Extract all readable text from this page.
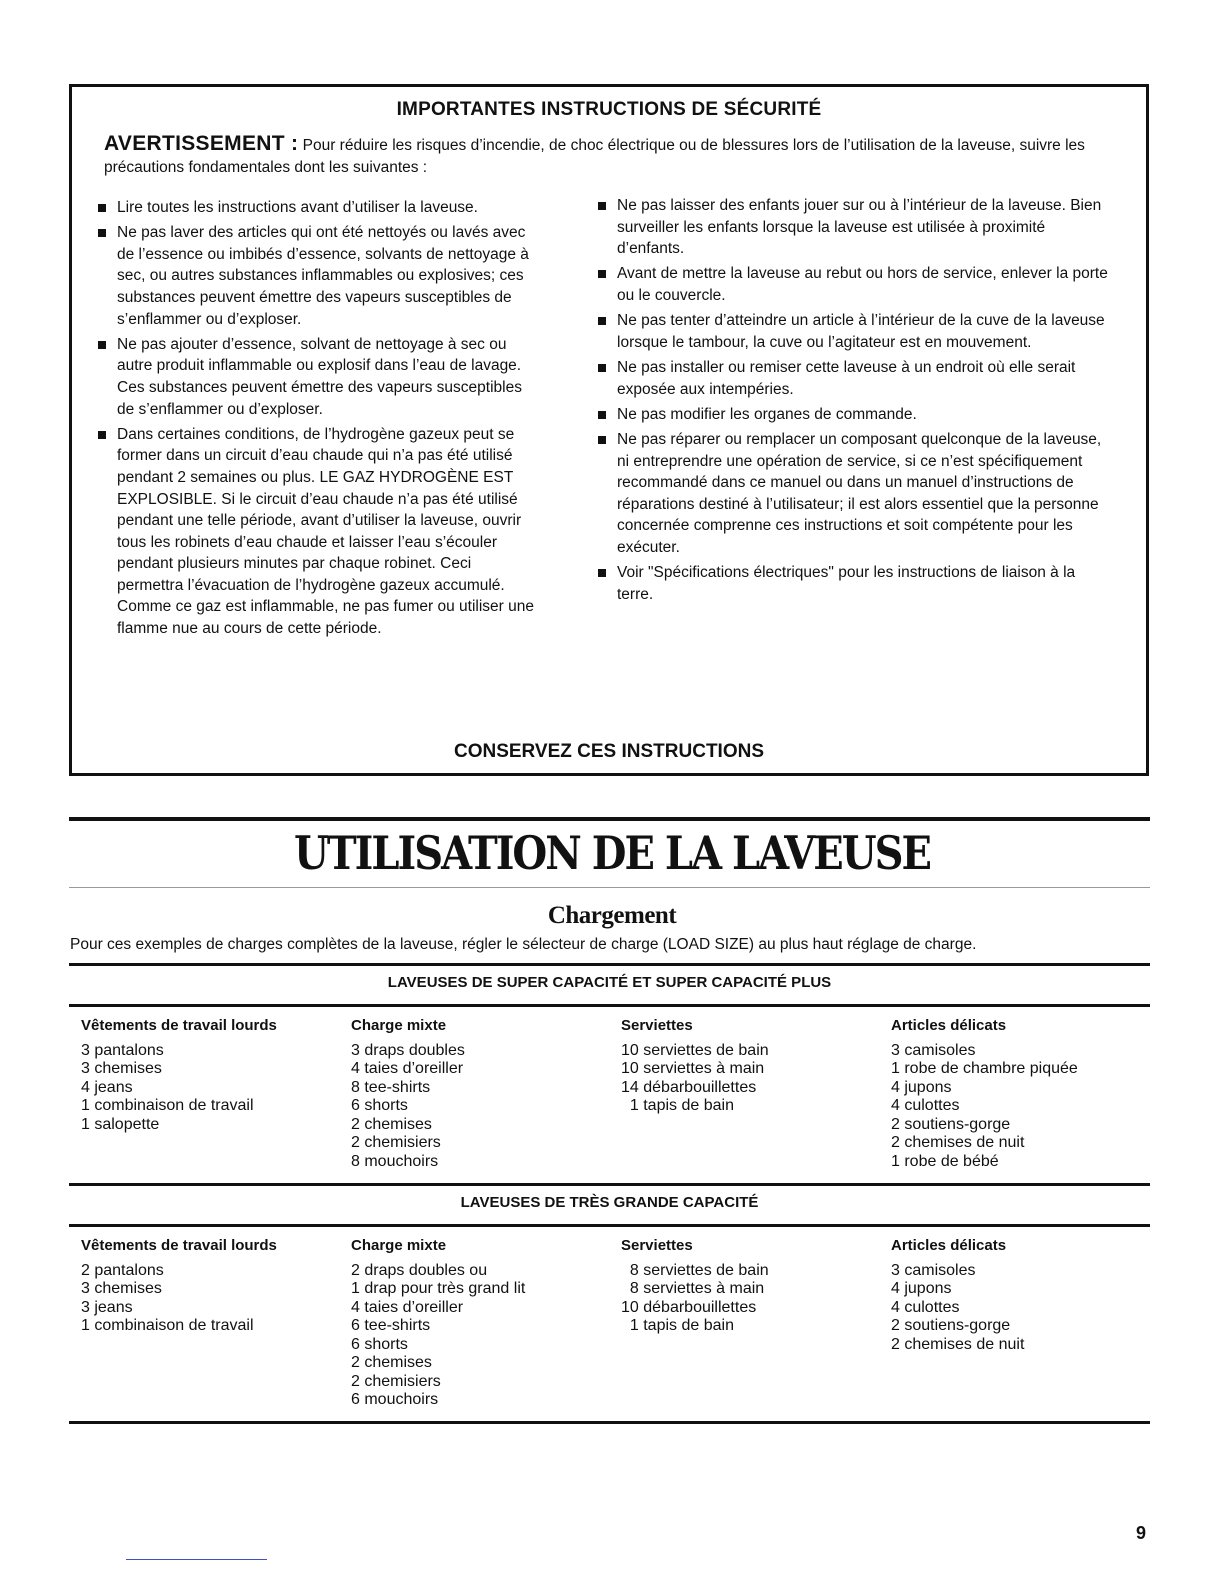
IMPORTANTES INSTRUCTIONS DE SÉCURITÉ
AVERTISSEMENT : Pour réduire les risques d’incendie, de choc électrique ou de blessures lors de l’utilisation de la laveuse, suivre les précautions fondamentales dont les suivantes :
Lire toutes les instructions avant d’utiliser la laveuse.
Ne pas laver des articles qui ont été nettoyés ou lavés avec de l’essence ou imbibés d’essence, solvants de nettoyage à sec, ou autres substances inflammables ou explosives; ces substances peuvent émettre des vapeurs susceptibles de s’enflammer ou d’exploser.
Ne pas ajouter d’essence, solvant de nettoyage à sec ou autre produit inflammable ou explosif dans l’eau de lavage. Ces substances peuvent émettre des vapeurs susceptibles de s’enflammer ou d’exploser.
Dans certaines conditions, de l’hydrogène gazeux peut se former dans un circuit d’eau chaude qui n’a pas été utilisé pendant 2 semaines ou plus. LE GAZ HYDROGÈNE EST EXPLOSIBLE. Si le circuit d’eau chaude n’a pas été utilisé pendant une telle période, avant d’utiliser la laveuse, ouvrir tous les robinets d’eau chaude et laisser l’eau s’écouler pendant plusieurs minutes par chaque robinet. Ceci permettra l’évacuation de l’hydrogène gazeux accumulé. Comme ce gaz est inflammable, ne pas fumer ou utiliser une flamme nue au cours de cette période.
Ne pas laisser des enfants jouer sur ou à l’intérieur de la laveuse. Bien surveiller les enfants lorsque la laveuse est utilisée à proximité d’enfants.
Avant de mettre la laveuse au rebut ou hors de service, enlever la porte ou le couvercle.
Ne pas tenter d’atteindre un article à l’intérieur de la cuve de la laveuse lorsque le tambour, la cuve ou l’agitateur est en mouvement.
Ne pas installer ou remiser cette laveuse à un endroit où elle serait exposée aux intempéries.
Ne pas modifier les organes de commande.
Ne pas réparer ou remplacer un composant quelconque de la laveuse, ni entreprendre une opération de service, si ce n’est spécifiquement recommandé dans ce manuel ou dans un manuel d’instructions de réparations destiné à l’utilisateur; il est alors essentiel que la personne concernée comprenne ces instructions et soit compétente pour les exécuter.
Voir "Spécifications électriques" pour les instructions de liaison à la terre.
CONSERVEZ CES INSTRUCTIONS
UTILISATION DE LA LAVEUSE
Chargement
Pour ces exemples de charges complètes de la laveuse, régler le sélecteur de charge (LOAD SIZE) au plus haut réglage de charge.
LAVEUSES DE SUPER CAPACITÉ ET SUPER CAPACITÉ PLUS
Vêtements de travail lourds
3 pantalons
3 chemises
4 jeans
1 combinaison de travail
1 salopette
Charge mixte
3 draps doubles
4 taies d’oreiller
8 tee-shirts
6 shorts
2 chemises
2 chemisiers
8 mouchoirs
Serviettes
10 serviettes de bain
10 serviettes à main
14 débarbouillettes
1 tapis de bain
Articles délicats
3 camisoles
1 robe de chambre piquée
4 jupons
4 culottes
2 soutiens-gorge
2 chemises de nuit
1 robe de bébé
LAVEUSES DE TRÈS GRANDE CAPACITÉ
Vêtements de travail lourds
2 pantalons
3 chemises
3 jeans
1 combinaison de travail
Charge mixte
2 draps doubles ou
1 drap pour très grand lit
4 taies d’oreiller
6 tee-shirts
6 shorts
2 chemises
2 chemisiers
6 mouchoirs
Serviettes
8 serviettes de bain
8 serviettes à main
10 débarbouillettes
1 tapis de bain
Articles délicats
3 camisoles
4 jupons
4 culottes
2 soutiens-gorge
2 chemises de nuit
9
